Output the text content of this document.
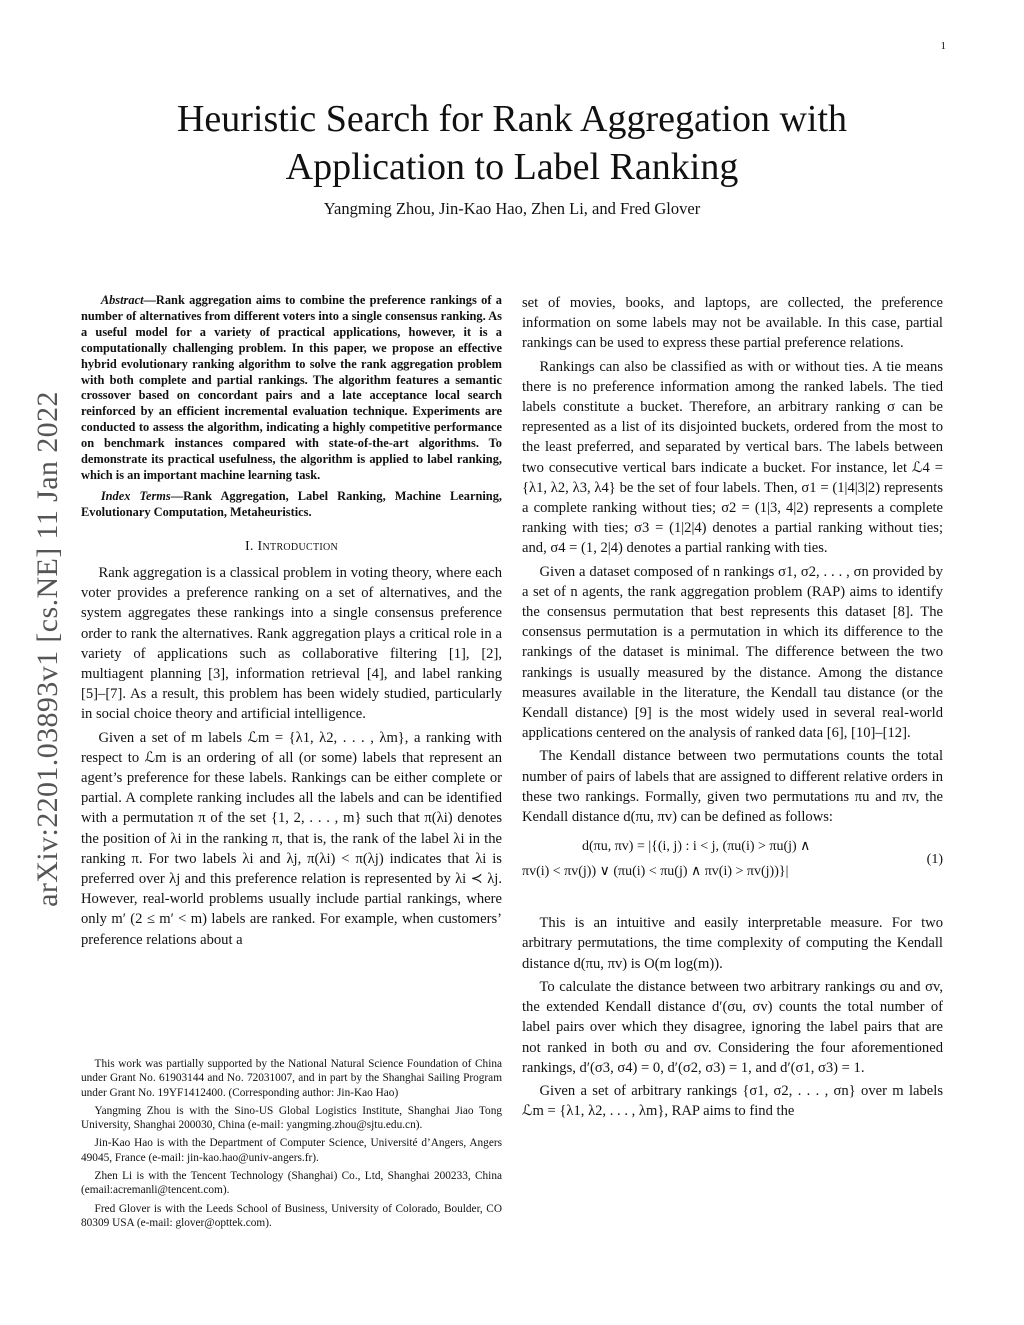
1
arXiv:2201.03893v1 [cs.NE] 11 Jan 2022
Heuristic Search for Rank Aggregation with
Application to Label Ranking
Yangming Zhou, Jin-Kao Hao, Zhen Li, and Fred Glover

Abstract—Rank aggregation aims to combine the preference rankings of a number of alternatives from different voters into a single consensus ranking. As a useful model for a variety of practical applications, however, it is a computationally challenging problem. In this paper, we propose an effective hybrid evolutionary ranking algorithm to solve the rank aggregation problem with both complete and partial rankings. The algorithm features a semantic crossover based on concordant pairs and a late acceptance local search reinforced by an efficient incremental evaluation technique. Experiments are conducted to assess the algorithm, indicating a highly competitive performance on benchmark instances compared with state-of-the-art algorithms. To demonstrate its practical usefulness, the algorithm is applied to label ranking, which is an important machine learning task.

Index Terms—Rank Aggregation, Label Ranking, Machine Learning, Evolutionary Computation, Metaheuristics.

I. Introduction

Rank aggregation is a classical problem in voting theory, where each voter provides a preference ranking on a set of alternatives, and the system aggregates these rankings into a single consensus preference order to rank the alternatives. Rank aggregation plays a critical role in a variety of applications such as collaborative filtering [1], [2], multiagent planning [3], information retrieval [4], and label ranking [5]–[7]. As a result, this problem has been widely studied, particularly in social choice theory and artificial intelligence.

Given a set of m labels ℒm = {λ1, λ2, . . . , λm}, a ranking with respect to ℒm is an ordering of all (or some) labels that represent an agent’s preference for these labels. Rankings can be either complete or partial. A complete ranking includes all the labels and can be identified with a permutation π of the set {1, 2, . . . , m} such that π(λi) denotes the position of λi in the ranking π, that is, the rank of the label λi in the ranking π. For two labels λi and λj, π(λi) < π(λj) indicates that λi is preferred over λj and this preference relation is represented by λi ≺ λj. However, real-world problems usually include partial rankings, where only m′ (2 ≤ m′ < m) labels are ranked. For example, when customers’ preference relations about a

This work was partially supported by the National Natural Science Foundation of China under Grant No. 61903144 and No. 72031007, and in part by the Shanghai Sailing Program under Grant No. 19YF1412400. (Corresponding author: Jin-Kao Hao)

Yangming Zhou is with the Sino-US Global Logistics Institute, Shanghai Jiao Tong University, Shanghai 200030, China (e-mail: yangming.zhou@sjtu.edu.cn).

Jin-Kao Hao is with the Department of Computer Science, Université d’Angers, Angers 49045, France (e-mail: jin-kao.hao@univ-angers.fr).

Zhen Li is with the Tencent Technology (Shanghai) Co., Ltd, Shanghai 200233, China (email:acremanli@tencent.com).

Fred Glover is with the Leeds School of Business, University of Colorado, Boulder, CO 80309 USA (e-mail: glover@opttek.com).

set of movies, books, and laptops, are collected, the preference information on some labels may not be available. In this case, partial rankings can be used to express these partial preference relations.

Rankings can also be classified as with or without ties. A tie means there is no preference information among the ranked labels. The tied labels constitute a bucket. Therefore, an arbitrary ranking σ can be represented as a list of its disjointed buckets, ordered from the most to the least preferred, and separated by vertical bars. The labels between two consecutive vertical bars indicate a bucket. For instance, let ℒ4 = {λ1, λ2, λ3, λ4} be the set of four labels. Then, σ1 = (1|4|3|2) represents a complete ranking without ties; σ2 = (1|3, 4|2) represents a complete ranking with ties; σ3 = (1|2|4) denotes a partial ranking without ties; and, σ4 = (1, 2|4) denotes a partial ranking with ties.

Given a dataset composed of n rankings σ1, σ2, . . . , σn provided by a set of n agents, the rank aggregation problem (RAP) aims to identify the consensus permutation that best represents this dataset [8]. The consensus permutation is a permutation in which its difference to the rankings of the dataset is minimal. The difference between the two rankings is usually measured by the distance. Among the distance measures available in the literature, the Kendall tau distance (or the Kendall distance) [9] is the most widely used in several real-world applications centered on the analysis of ranked data [6], [10]–[12].

The Kendall distance between two permutations counts the total number of pairs of labels that are assigned to different relative orders in these two rankings. Formally, given two permutations πu and πv, the Kendall distance d(πu, πv) can be defined as follows:

d(πu, πv) = |{(i, j) : i < j, (πu(i) > πu(j) ∧
πv(i) < πv(j)) ∨ (πu(i) < πu(j) ∧ πv(i) > πv(j))}|
(1)

This is an intuitive and easily interpretable measure. For two arbitrary permutations, the time complexity of computing the Kendall distance d(πu, πv) is O(m log(m)).

To calculate the distance between two arbitrary rankings σu and σv, the extended Kendall distance d′(σu, σv) counts the total number of label pairs over which they disagree, ignoring the label pairs that are not ranked in both σu and σv. Considering the four aforementioned rankings, d′(σ3, σ4) = 0, d′(σ2, σ3) = 1, and d′(σ1, σ3) = 1.

Given a set of arbitrary rankings {σ1, σ2, . . . , σn} over m labels ℒm = {λ1, λ2, . . . , λm}, RAP aims to find the
